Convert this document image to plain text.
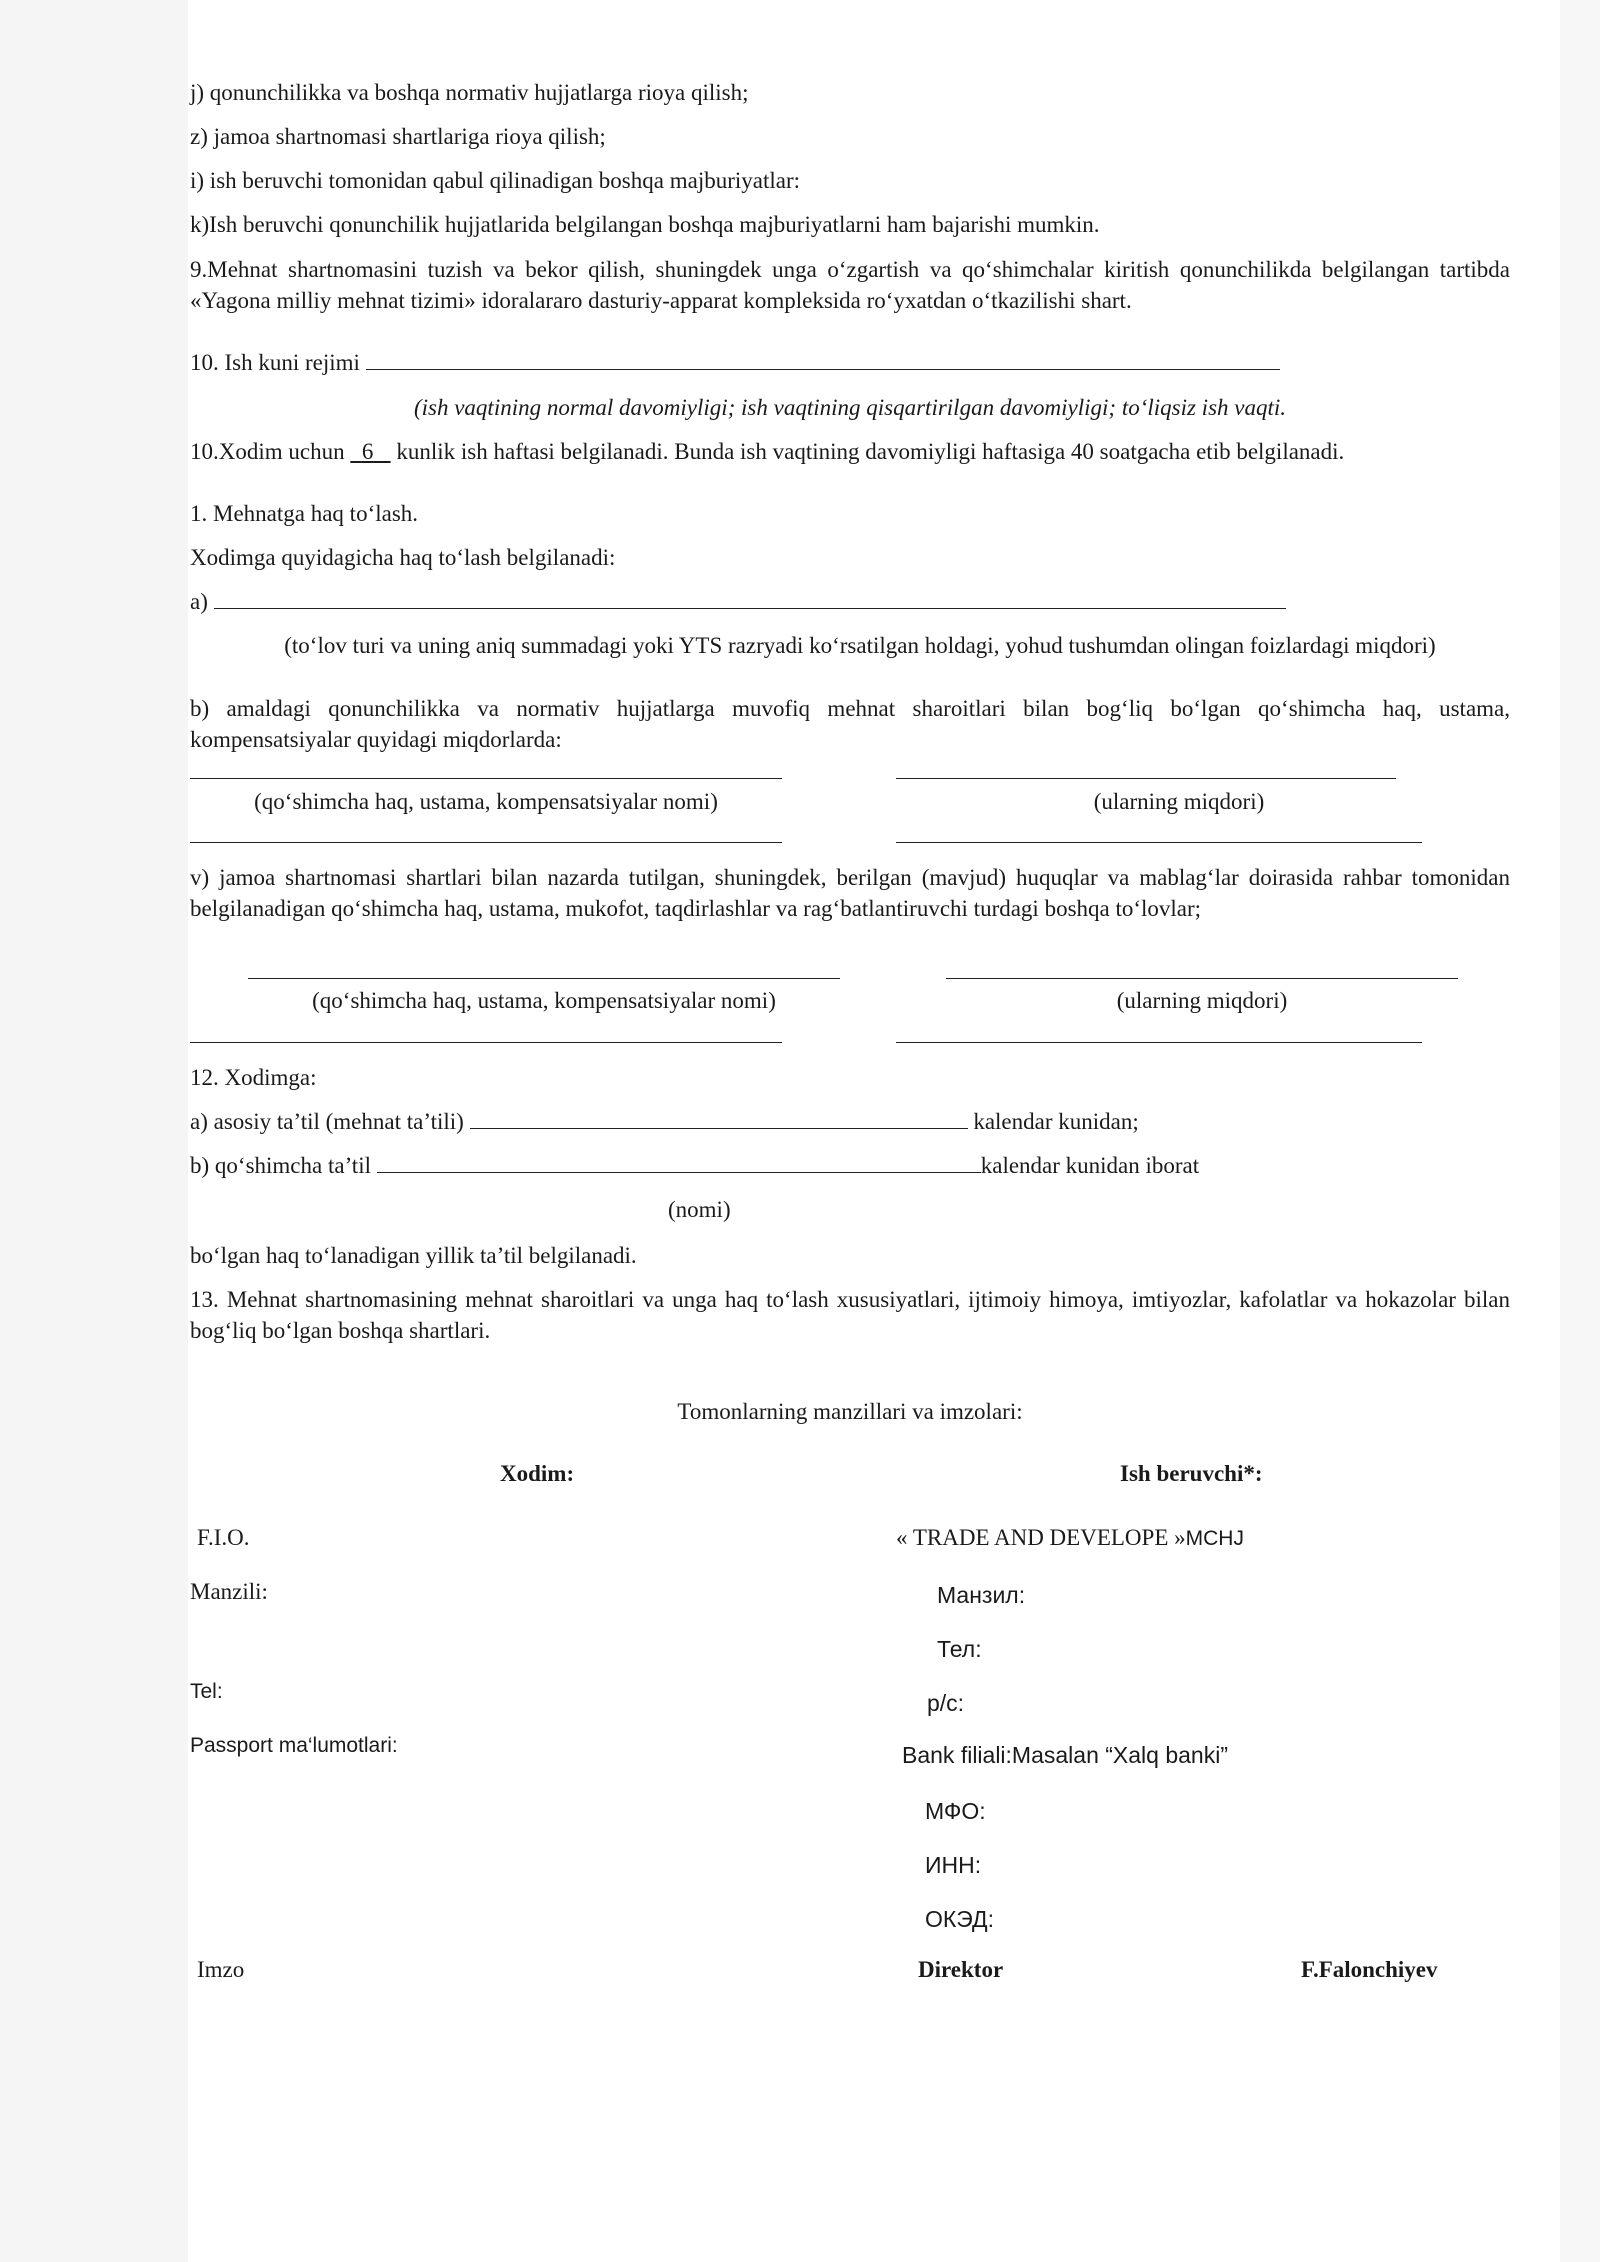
j) qonunchilikka va boshqa normativ hujjatlarga rioya qilish;
z) jamoa shartnomasi shartlariga rioya qilish;
i) ish beruvchi tomonidan qabul qilinadigan boshqa majburiyatlar:
k)Ish beruvchi qonunchilik hujjatlarida belgilangan boshqa majburiyatlarni ham bajarishi mumkin.
9.Mehnat shartnomasini tuzish va bekor qilish, shuningdek unga o‘zgartish va qo‘shimchalar kiritish qonunchilikda belgilangan tartibda «Yagona milliy mehnat tizimi» idoralararo dasturiy-apparat kompleksida ro‘yxatdan o‘tkazilishi shart.
10. Ish kuni rejimi
(ish vaqtining normal davomiyligi; ish vaqtining qisqartirilgan davomiyligi; to‘liqsiz ish vaqti.
10.Xodim uchun 6 kunlik ish haftasi belgilanadi. Bunda ish vaqtining davomiyligi haftasiga 40 soatgacha etib belgilanadi.
1. Mehnatga haq to‘lash.
Xodimga quyidagicha haq to‘lash belgilanadi:
a)
(to‘lov turi va uning aniq summadagi yoki YTS razryadi ko‘rsatilgan holdagi, yohud tushumdan olingan foizlardagi miqdori)
b) amaldagi qonunchilikka va normativ hujjatlarga muvofiq mehnat sharoitlari bilan bog‘liq bo‘lgan qo‘shimcha haq, ustama, kompensatsiyalar quyidagi miqdorlarda:
(qo‘shimcha haq, ustama, kompensatsiyalar nomi)	(ularning miqdori)
v) jamoa shartnomasi shartlari bilan nazarda tutilgan, shuningdek, berilgan (mavjud) huquqlar va mablag‘lar doirasida rahbar tomonidan belgilanadigan qo‘shimcha haq, ustama, mukofot, taqdirlashlar va rag‘batlantiruvchi turdagi boshqa to‘lovlar;
(qo‘shimcha haq, ustama, kompensatsiyalar nomi)	(ularning miqdori)
12. Xodimga:
a) asosiy ta’til (mehnat ta’tili)	kalendar kunidan;
b) qo‘shimcha ta’til	kalendar kunidan iborat
(nomi)
bo‘lgan haq to‘lanadigan yillik ta’til belgilanadi.
13. Mehnat shartnomasining mehnat sharoitlari va unga haq to‘lash xususiyatlari, ijtimoiy himoya, imtiyozlar, kafolatlar va hokazolar bilan bog‘liq bo‘lgan boshqa shartlari.
Tomonlarning manzillari va imzolari:
Xodim:	Ish beruvchi*:
F.I.O.	« TRADE AND DEVELOPE »MCHJ
Manzili:	Манзил:
Тел:
Tel:	р/с:
Passport ma‘lumotlari:	Bank filiali:Masalan “Xalq banki”
МФО:
ИНН:
ОКЭД:
Imzo	Direktor	F.Falonchiyev
